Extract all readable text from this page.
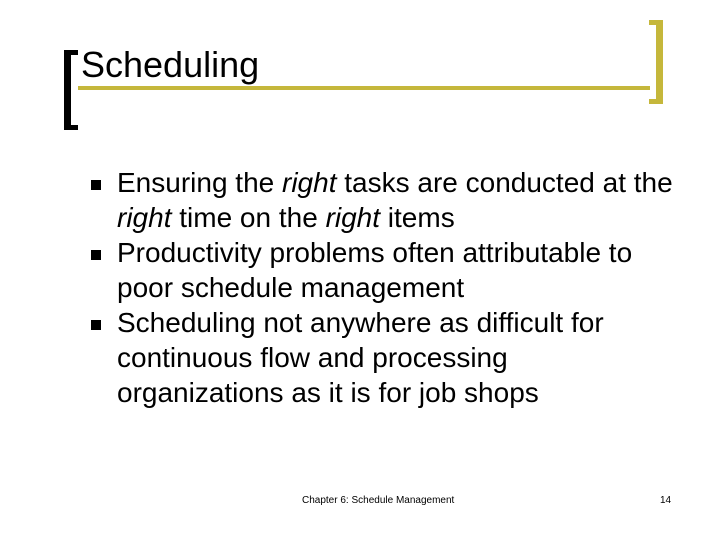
Scheduling
Ensuring the right tasks are conducted at the right time on the right items
Productivity problems often attributable to poor schedule management
Scheduling not anywhere as difficult for continuous flow and processing organizations as it is for job shops
Chapter 6: Schedule Management	14
